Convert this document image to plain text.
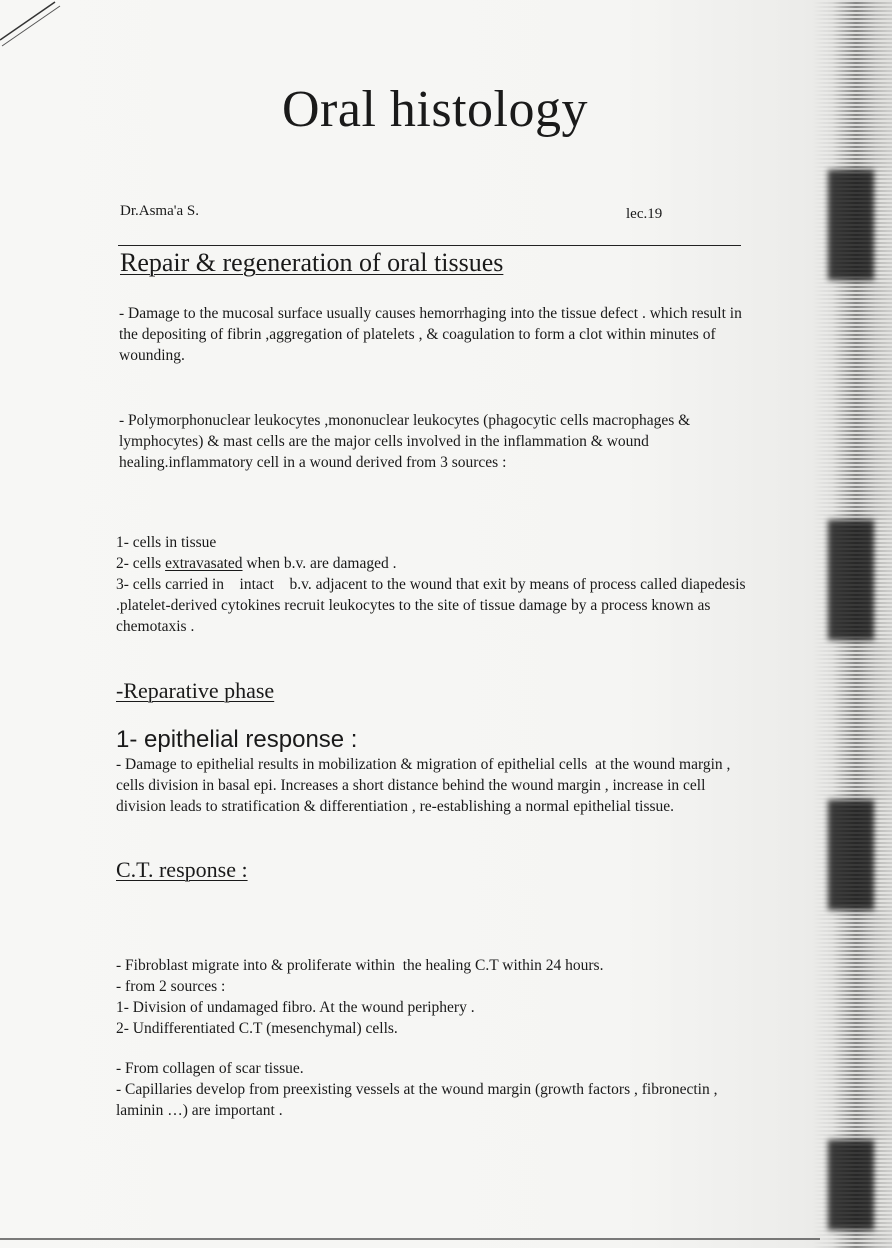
Oral histology
Dr.Asma'a S.	lec.19
Repair & regeneration of oral tissues
- Damage to the mucosal surface usually causes hemorrhaging into the tissue defect . which result in the depositing of fibrin ,aggregation of platelets , & coagulation to form a clot within minutes of wounding.
- Polymorphonuclear leukocytes ,mononuclear leukocytes (phagocytic cells macrophages & lymphocytes) & mast cells are the major cells involved in the inflammation & wound healing.inflammatory cell in a wound derived from 3 sources :
1- cells in tissue
2- cells extravasated when b.v. are damaged .
3- cells carried in    intact    b.v. adjacent to the wound that exit by means of process called diapedesis .platelet-derived cytokines recruit leukocytes to the site of tissue damage by a process known as chemotaxis .
-Reparative phase
1- epithelial response :
- Damage to epithelial results in mobilization & migration of epithelial cells  at the wound margin , cells division in basal epi. Increases a short distance behind the wound margin , increase in cell division leads to stratification & differentiation , re-establishing a normal epithelial tissue.
C.T. response :
- Fibroblast migrate into & proliferate within  the healing C.T within 24 hours.
- from 2 sources :
1- Division of undamaged fibro. At the wound periphery .
2- Undifferentiated C.T (mesenchymal) cells.
- From collagen of scar tissue.
- Capillaries develop from preexisting vessels at the wound margin (growth factors , fibronectin , laminin …) are important .
